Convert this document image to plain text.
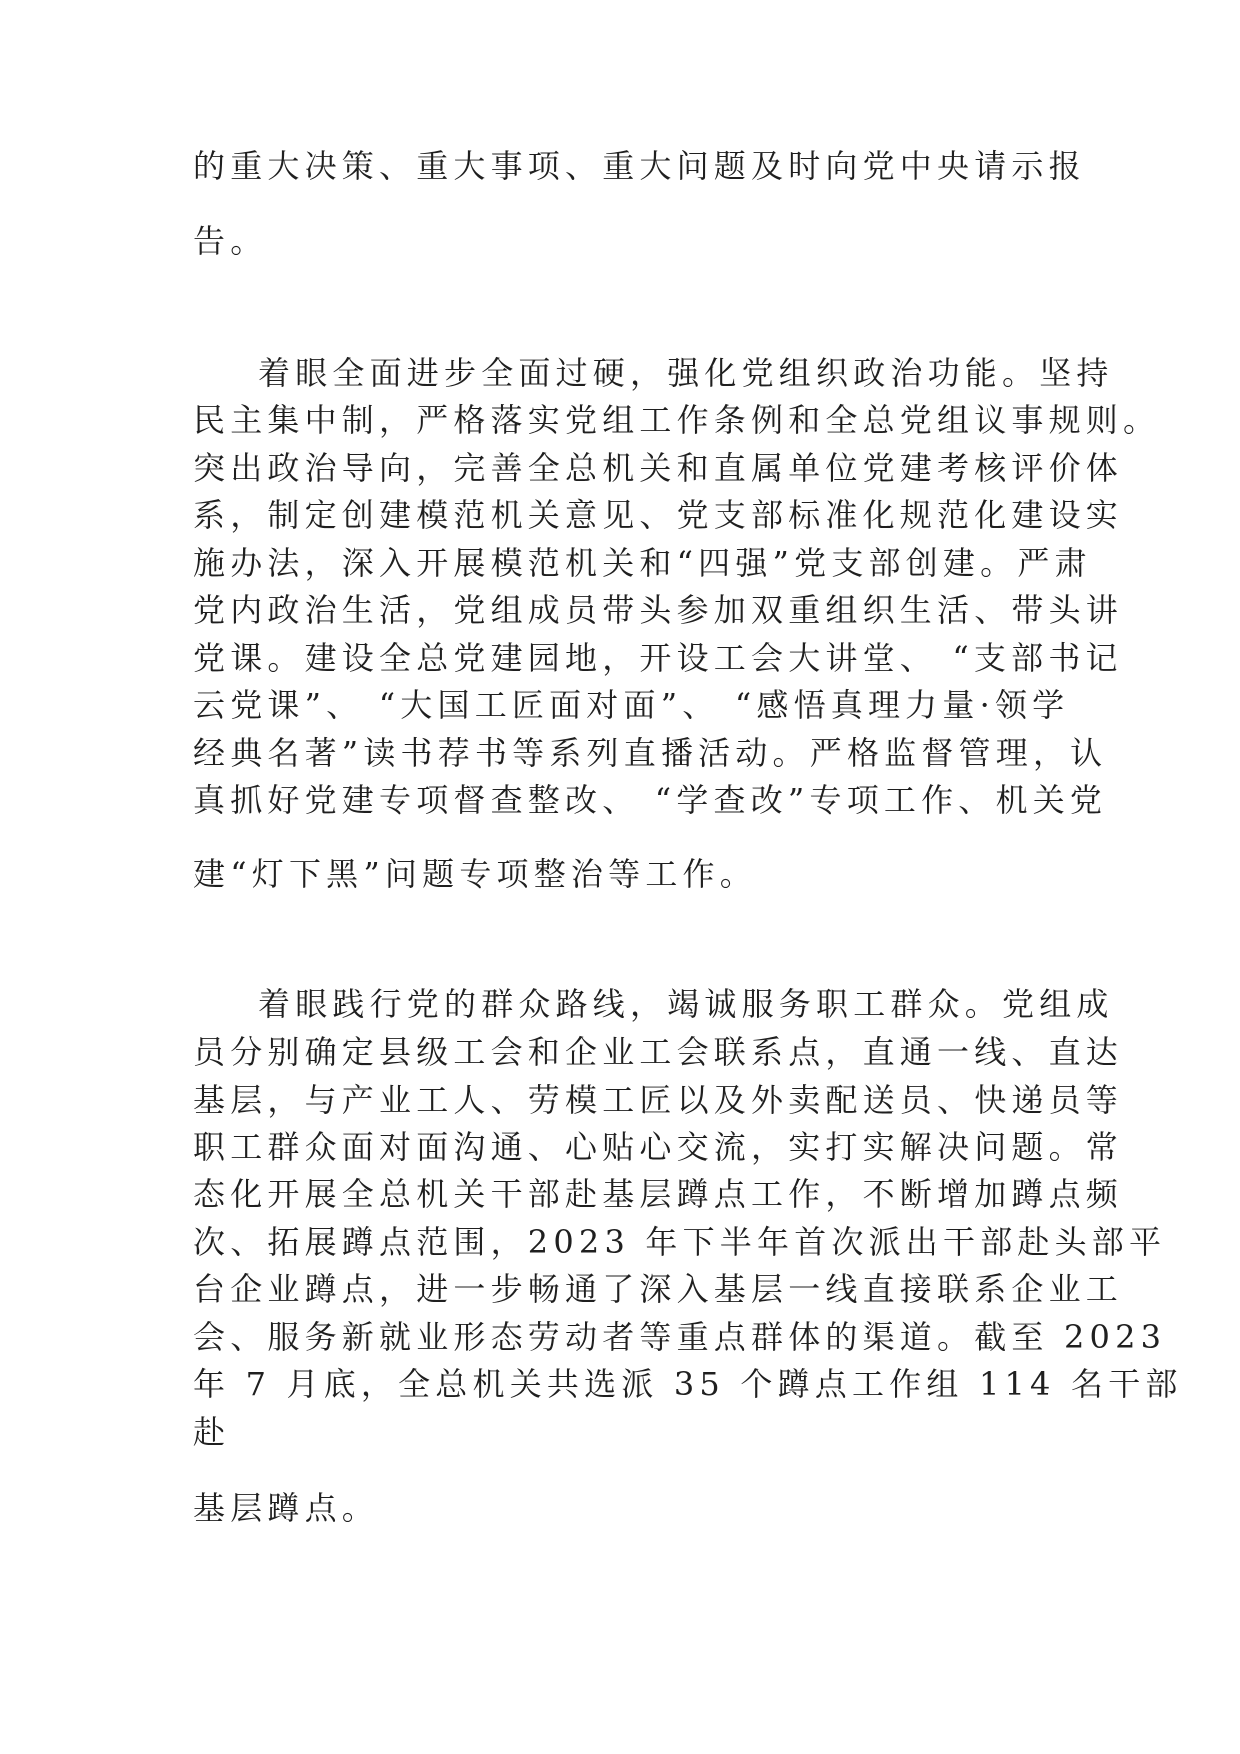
的重大决策、重大事项、重大问题及时向党中央请示报
告。
着眼全面进步全面过硬，强化党组织政治功能。坚持
民主集中制，严格落实党组工作条例和全总党组议事规则。
突出政治导向，完善全总机关和直属单位党建考核评价体
系，制定创建模范机关意见、党支部标准化规范化建设实
施办法，深入开展模范机关和“四强”党支部创建。严肃
党内政治生活，党组成员带头参加双重组织生活、带头讲
党课。建设全总党建园地，开设工会大讲堂、 “支部书记
云党课”、 “大国工匠面对面”、 “感悟真理力量·领学
经典名著”读书荐书等系列直播活动。严格监督管理，认
真抓好党建专项督查整改、 “学查改”专项工作、机关党
建“灯下黑”问题专项整治等工作。
着眼践行党的群众路线，竭诚服务职工群众。党组成
员分别确定县级工会和企业工会联系点，直通一线、直达
基层，与产业工人、劳模工匠以及外卖配送员、快递员等
职工群众面对面沟通、心贴心交流，实打实解决问题。常
态化开展全总机关干部赴基层蹲点工作，不断增加蹲点频
次、拓展蹲点范围，2023 年下半年首次派出干部赴头部平
台企业蹲点，进一步畅通了深入基层一线直接联系企业工
会、服务新就业形态劳动者等重点群体的渠道。截至 2023
年 7 月底，全总机关共选派 35 个蹲点工作组 114 名干部
赴
基层蹲点。
